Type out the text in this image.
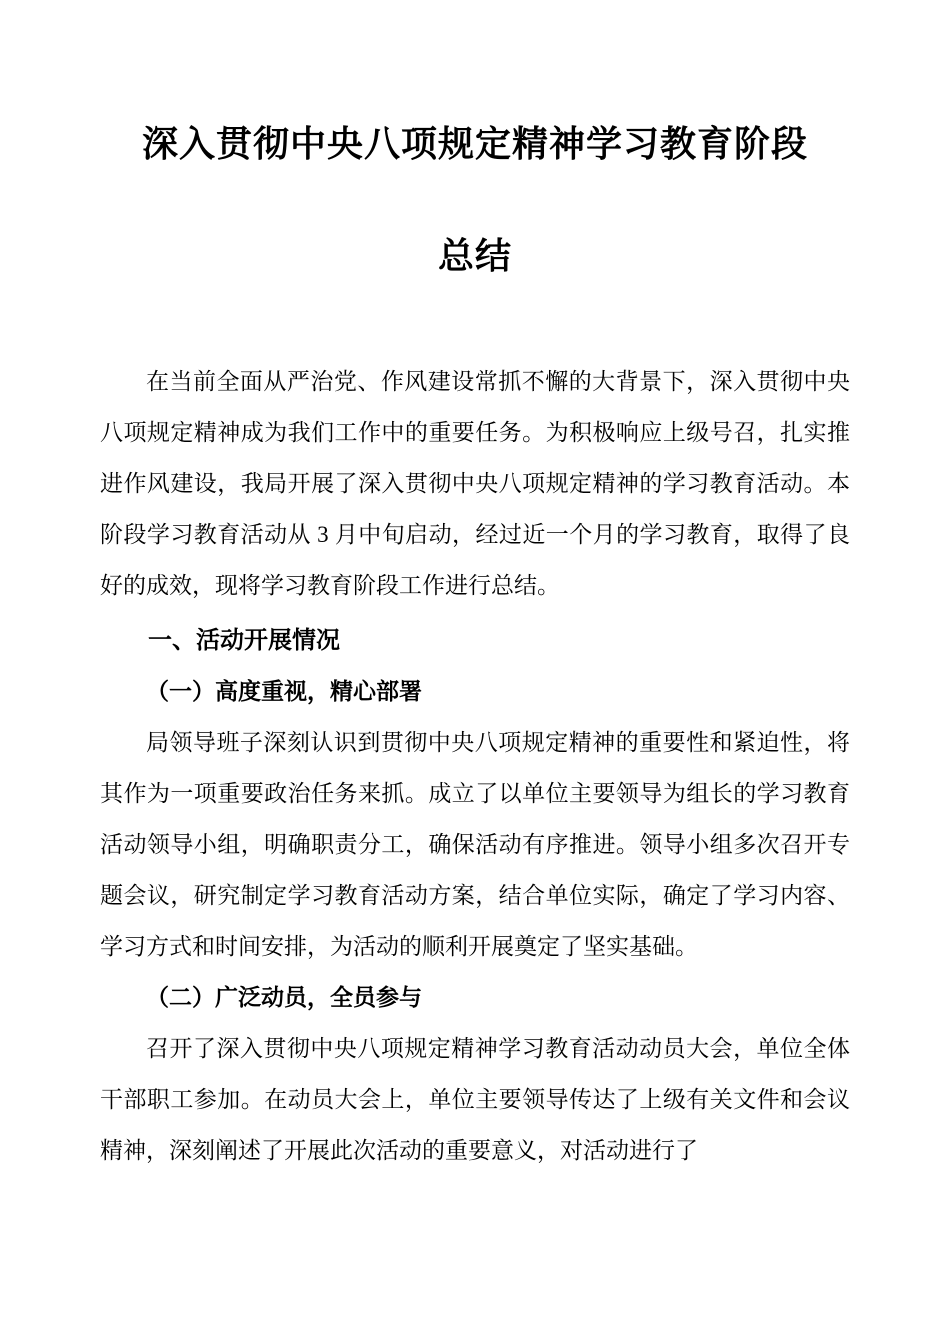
深入贯彻中央八项规定精神学习教育阶段
总结

在当前全面从严治党、作风建设常抓不懈的大背景下，深入贯彻中央八项规定精神成为我们工作中的重要任务。为积极响应上级号召，扎实推进作风建设，我局开展了深入贯彻中央八项规定精神的学习教育活动。本阶段学习教育活动从 3 月中旬启动，经过近一个月的学习教育，取得了良好的成效，现将学习教育阶段工作进行总结。

一、活动开展情况
（一）高度重视，精心部署

局领导班子深刻认识到贯彻中央八项规定精神的重要性和紧迫性，将其作为一项重要政治任务来抓。成立了以单位主要领导为组长的学习教育活动领导小组，明确职责分工，确保活动有序推进。领导小组多次召开专题会议，研究制定学习教育活动方案，结合单位实际，确定了学习内容、学习方式和时间安排，为活动的顺利开展奠定了坚实基础。

（二）广泛动员，全员参与

召开了深入贯彻中央八项规定精神学习教育活动动员大会，单位全体干部职工参加。在动员大会上，单位主要领导传达了上级有关文件和会议精神，深刻阐述了开展此次活动的重要意义，对活动进行了
